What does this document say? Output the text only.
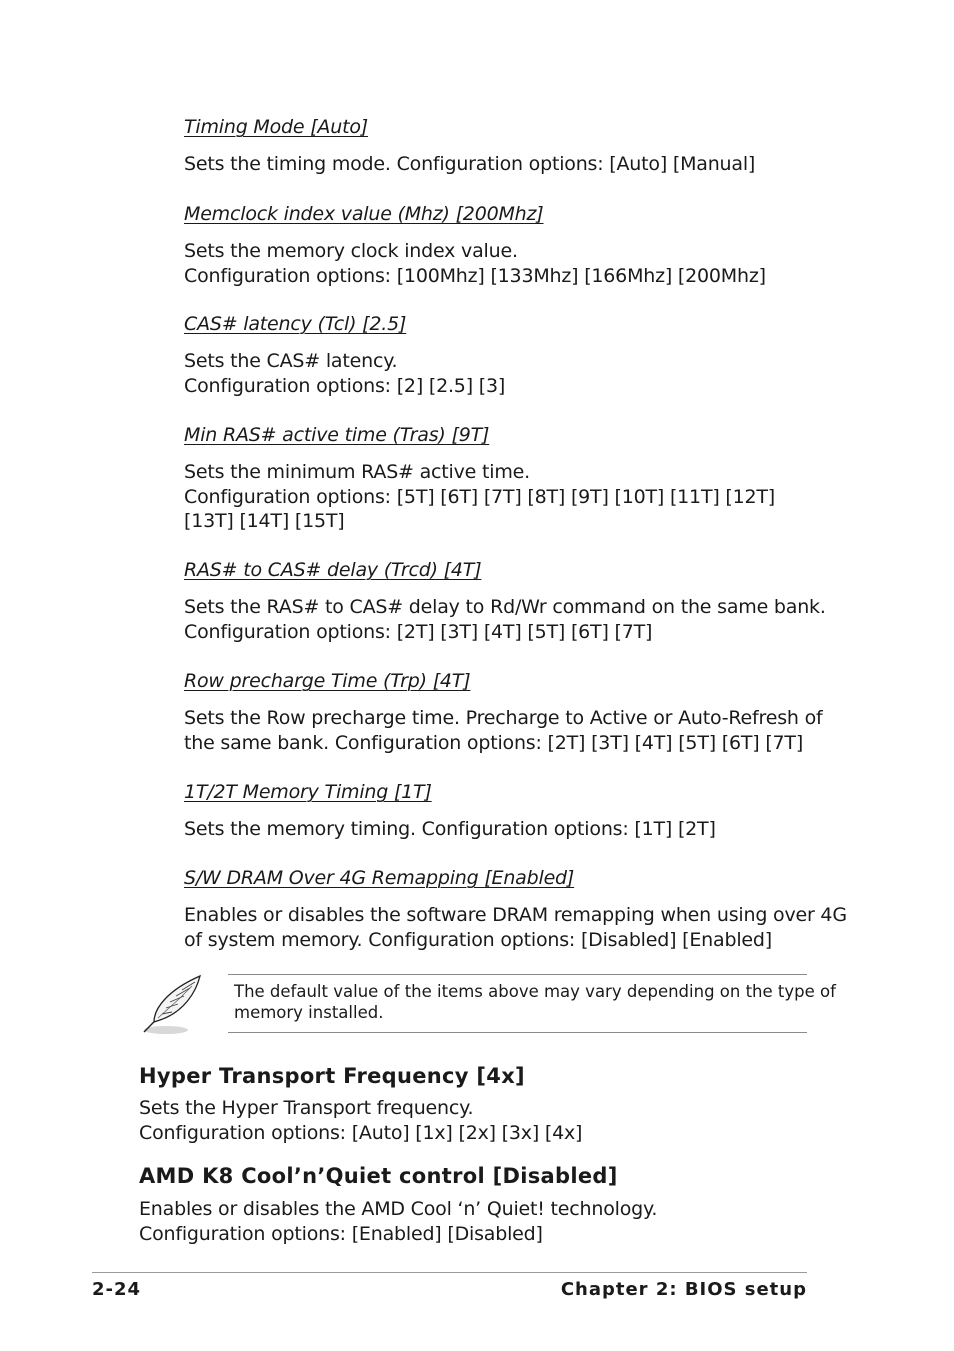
Timing Mode [Auto]
Sets the timing mode. Configuration options: [Auto] [Manual]
Memclock index value (Mhz) [200Mhz]
Sets the memory clock index value.
Configuration options: [100Mhz] [133Mhz] [166Mhz] [200Mhz]
CAS# latency (Tcl) [2.5]
Sets the CAS# latency.
Configuration options: [2] [2.5] [3]
Min RAS# active time (Tras) [9T]
Sets the minimum RAS# active time.
Configuration options: [5T] [6T] [7T] [8T] [9T] [10T] [11T] [12T]
[13T] [14T] [15T]
RAS# to CAS# delay (Trcd) [4T]
Sets the RAS# to CAS# delay to Rd/Wr command on the same bank.
Configuration options: [2T] [3T] [4T] [5T] [6T] [7T]
Row precharge Time (Trp) [4T]
Sets the Row precharge time. Precharge to Active or Auto-Refresh of
the same bank. Configuration options: [2T] [3T] [4T] [5T] [6T] [7T]
1T/2T Memory Timing [1T]
Sets the memory timing. Configuration options: [1T] [2T]
S/W DRAM Over 4G Remapping [Enabled]
Enables or disables the software DRAM remapping when using over 4G
of system memory. Configuration options: [Disabled] [Enabled]
The default value of the items above may vary depending on the type of
memory installed.
Hyper Transport Frequency [4x]
Sets the Hyper Transport frequency.
Configuration options: [Auto] [1x] [2x] [3x] [4x]
AMD K8 Cool’n’Quiet control [Disabled]
Enables or disables the AMD Cool ‘n’ Quiet! technology.
Configuration options: [Enabled] [Disabled]
2-24	Chapter 2: BIOS setup
